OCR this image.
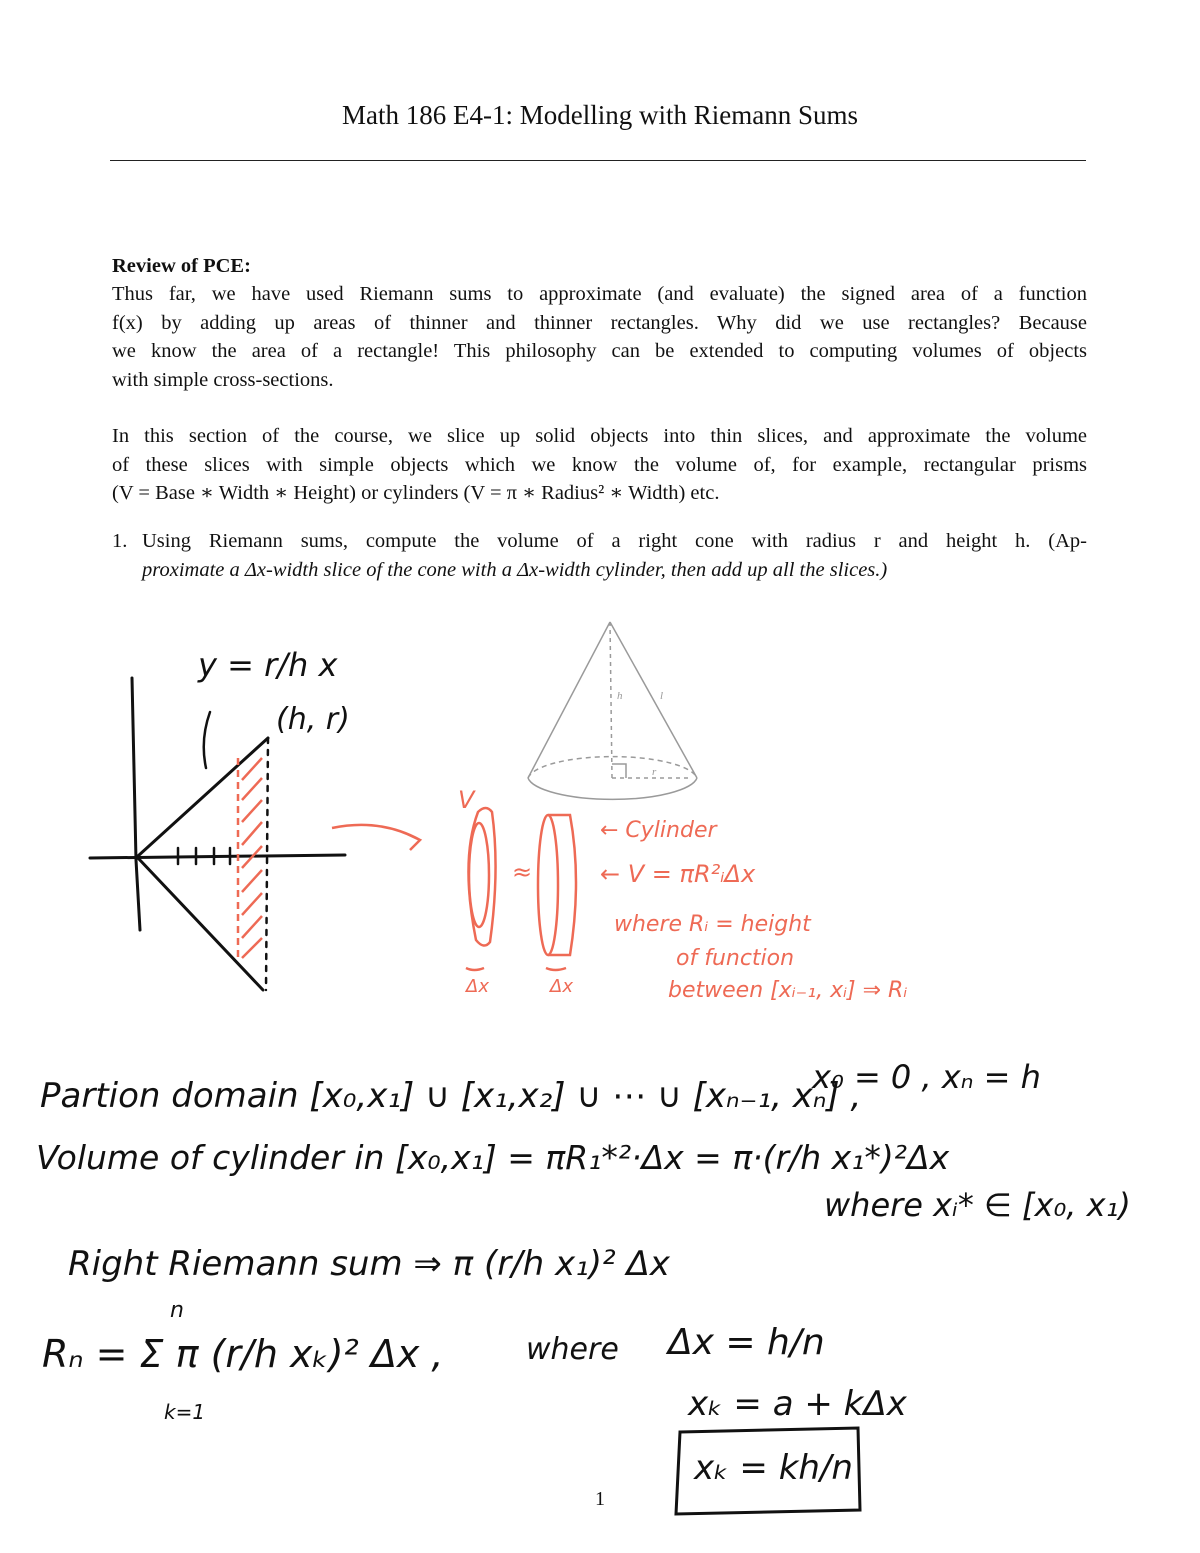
Math 186 E4-1: Modelling with Riemann Sums
Review of PCE:
Thus far, we have used Riemann sums to approximate (and evaluate) the signed area of a function
f(x) by adding up areas of thinner and thinner rectangles. Why did we use rectangles? Because
we know the area of a rectangle! This philosophy can be extended to computing volumes of objects
with simple cross-sections.
In this section of the course, we slice up solid objects into thin slices, and approximate the volume
of these slices with simple objects which we know the volume of, for example, rectangular prisms
(V = Base ∗ Width ∗ Height) or cylinders (V = π ∗ Radius² ∗ Width) etc.
1. Using Riemann sums, compute the volume of a right cone with radius r and height h. (Ap-
proximate a Δx-width slice of the cone with a Δx-width cylinder, then add up all the slices.)
h	l
r
y = r/h x
(h, r)
V
≈
Δx	Δx
← Cylinder
← V = πR²ᵢΔx
where Rᵢ = height
of function
between [xᵢ₋₁, xᵢ] ⇒ Rᵢ
Partion domain [x₀,x₁] ∪ [x₁,x₂] ∪ ⋯ ∪ [xₙ₋₁, xₙ] ,
x₀ = 0 , xₙ = h
Volume of cylinder in [x₀,x₁] = πR₁*²·Δx = π·(r/h x₁*)²Δx
where xᵢ* ∈ [x₀, x₁)
Right Riemann sum ⇒ π (r/h x₁)² Δx
n
Rₙ = Σ π (r/h xₖ)² Δx ,
k=1
where Δx = h/n
xₖ = a + kΔx
xₖ = kh/n
1
